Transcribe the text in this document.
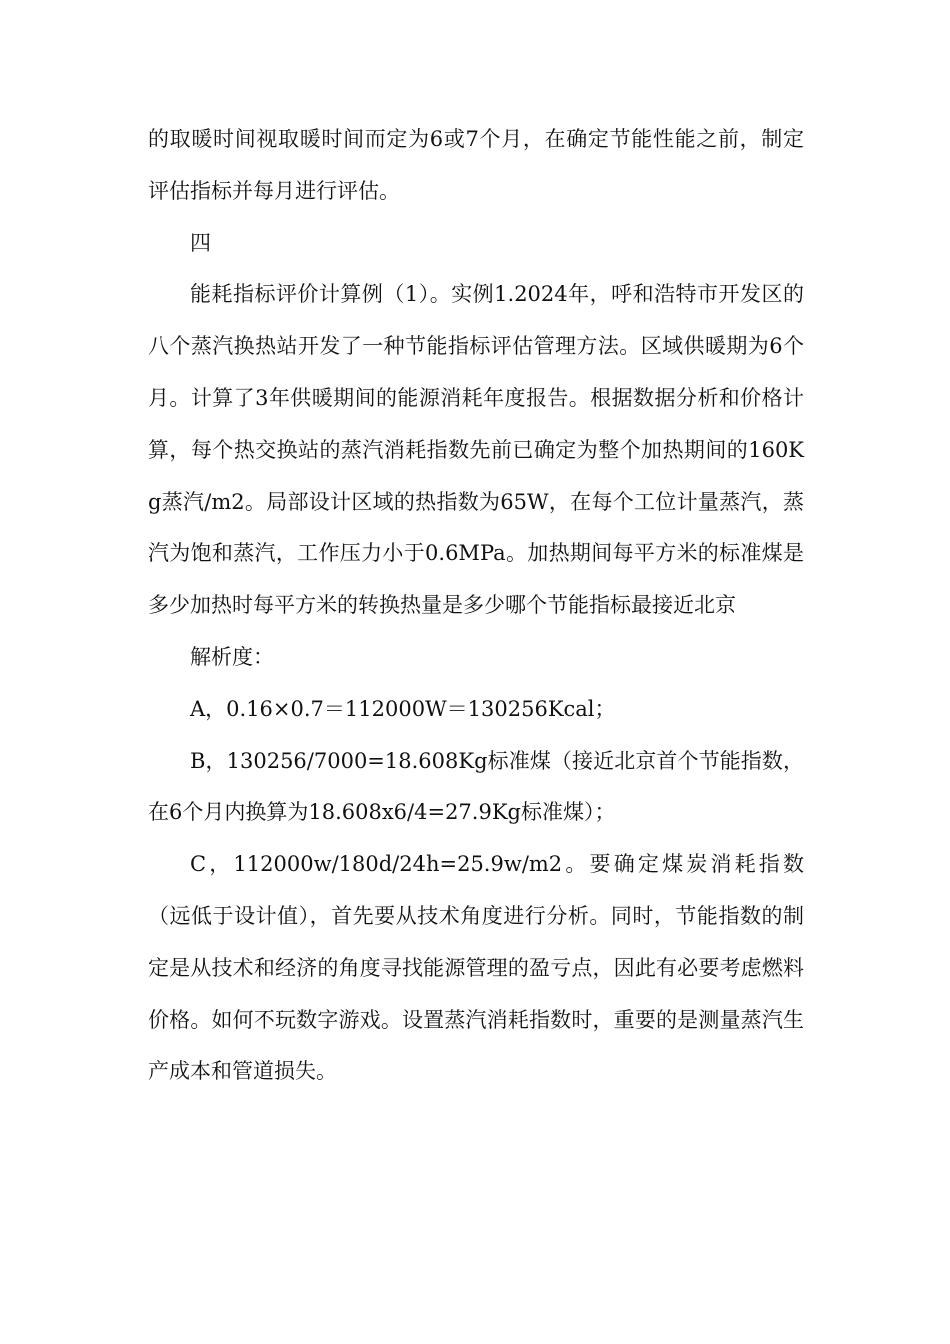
的取暖时间视取暖时间而定为6或7个月，在确定节能性能之前，制定评估指标并每月进行评估。

四

能耗指标评价计算例（1）。实例1.2024年，呼和浩特市开发区的八个蒸汽换热站开发了一种节能指标评估管理方法。区域供暖期为6个月。计算了3年供暖期间的能源消耗年度报告。根据数据分析和价格计算，每个热交换站的蒸汽消耗指数先前已确定为整个加热期间的160Kg蒸汽/m2。局部设计区域的热指数为65W，在每个工位计量蒸汽，蒸汽为饱和蒸汽，工作压力小于0.6MPa。加热期间每平方米的标准煤是多少加热时每平方米的转换热量是多少哪个节能指标最接近北京

解析度：

A，0.16×0.7＝112000W＝130256Kcal；

B，130256/7000=18.608Kg标准煤（接近北京首个节能指数，在6个月内换算为18.608x6/4=27.9Kg标准煤）；

C，112000w/180d/24h=25.9w/m2。要确定煤炭消耗指数（远低于设计值），首先要从技术角度进行分析。同时，节能指数的制定是从技术和经济的角度寻找能源管理的盈亏点，因此有必要考虑燃料价格。如何不玩数字游戏。设置蒸汽消耗指数时，重要的是测量蒸汽生产成本和管道损失。
